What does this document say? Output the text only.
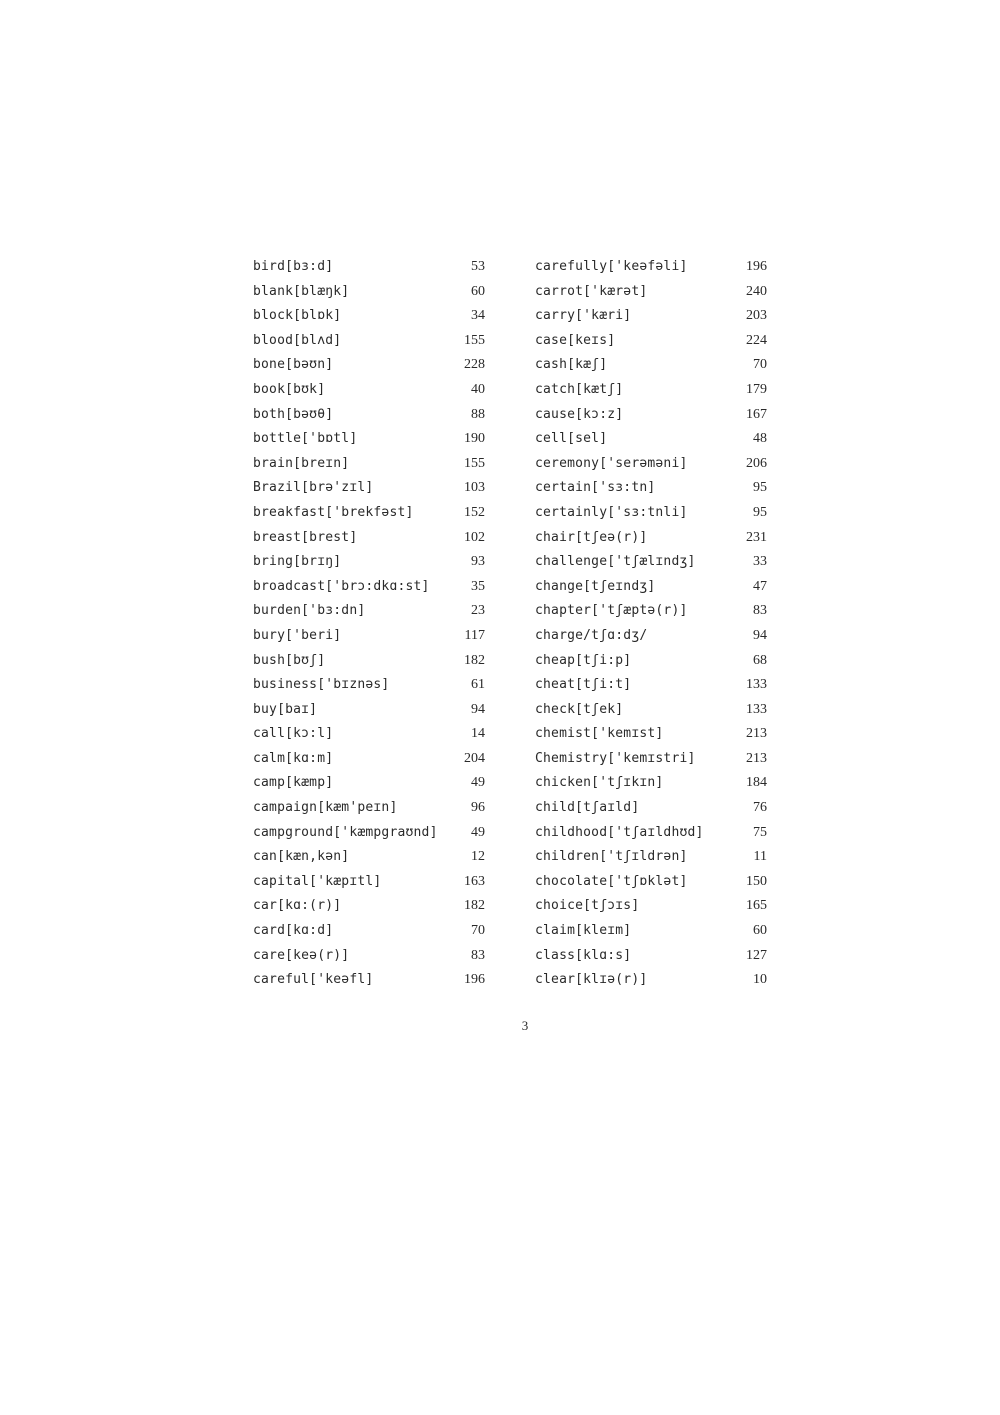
bird[bɜ:d]	53
blank[blæŋk]	60
block[blɒk]	34
blood[blʌd]	155
bone[bəʊn]	228
book[bʊk]	40
both[bəʊθ]	88
bottle['bɒtl]	190
brain[breɪn]	155
Brazil[brə'zɪl]	103
breakfast['brekfəst]	152
breast[brest]	102
bring[brɪŋ]	93
broadcast['brɔ:dkɑ:st]	35
burden['bɜ:dn]	23
bury['beri]	117
bush[bʊʃ]	182
business['bɪznəs]	61
buy[baɪ]	94
call[kɔ:l]	14
calm[kɑ:m]	204
camp[kæmp]	49
campaign[kæm'peɪn]	96
campground['kæmpgraʊnd] 49
can[kæn,kən]	12
capital['kæpɪtl]	163
car[kɑ:(r)]	182
card[kɑ:d]	70
care[keə(r)]	83
careful['keəfl]	196
carefully['keəfəli]	196
carrot['kærət]	240
carry['kæri]	203
case[keɪs]	224
cash[kæʃ]	70
catch[kætʃ]	179
cause[kɔ:z]	167
cell[sel]	48
ceremony['serəməni]	206
certain['sɜ:tn]	95
certainly['sɜ:tnli]	95
chair[tʃeə(r)]	231
challenge['tʃælɪndʒ]	33
change[tʃeɪndʒ]	47
chapter['tʃæptə(r)]	83
charge/tʃɑ:dʒ/	94
cheap[tʃi:p]	68
cheat[tʃi:t]	133
check[tʃek]	133
chemist['kemɪst]	213
Chemistry['kemɪstri]	213
chicken['tʃɪkɪn]	184
child[tʃaɪld]	76
childhood['tʃaɪldhʊd]	75
children['tʃɪldrən]	11
chocolate['tʃɒklət]	150
choice[tʃɔɪs]	165
claim[kleɪm]	60
class[klɑ:s]	127
clear[klɪə(r)]	10
3
